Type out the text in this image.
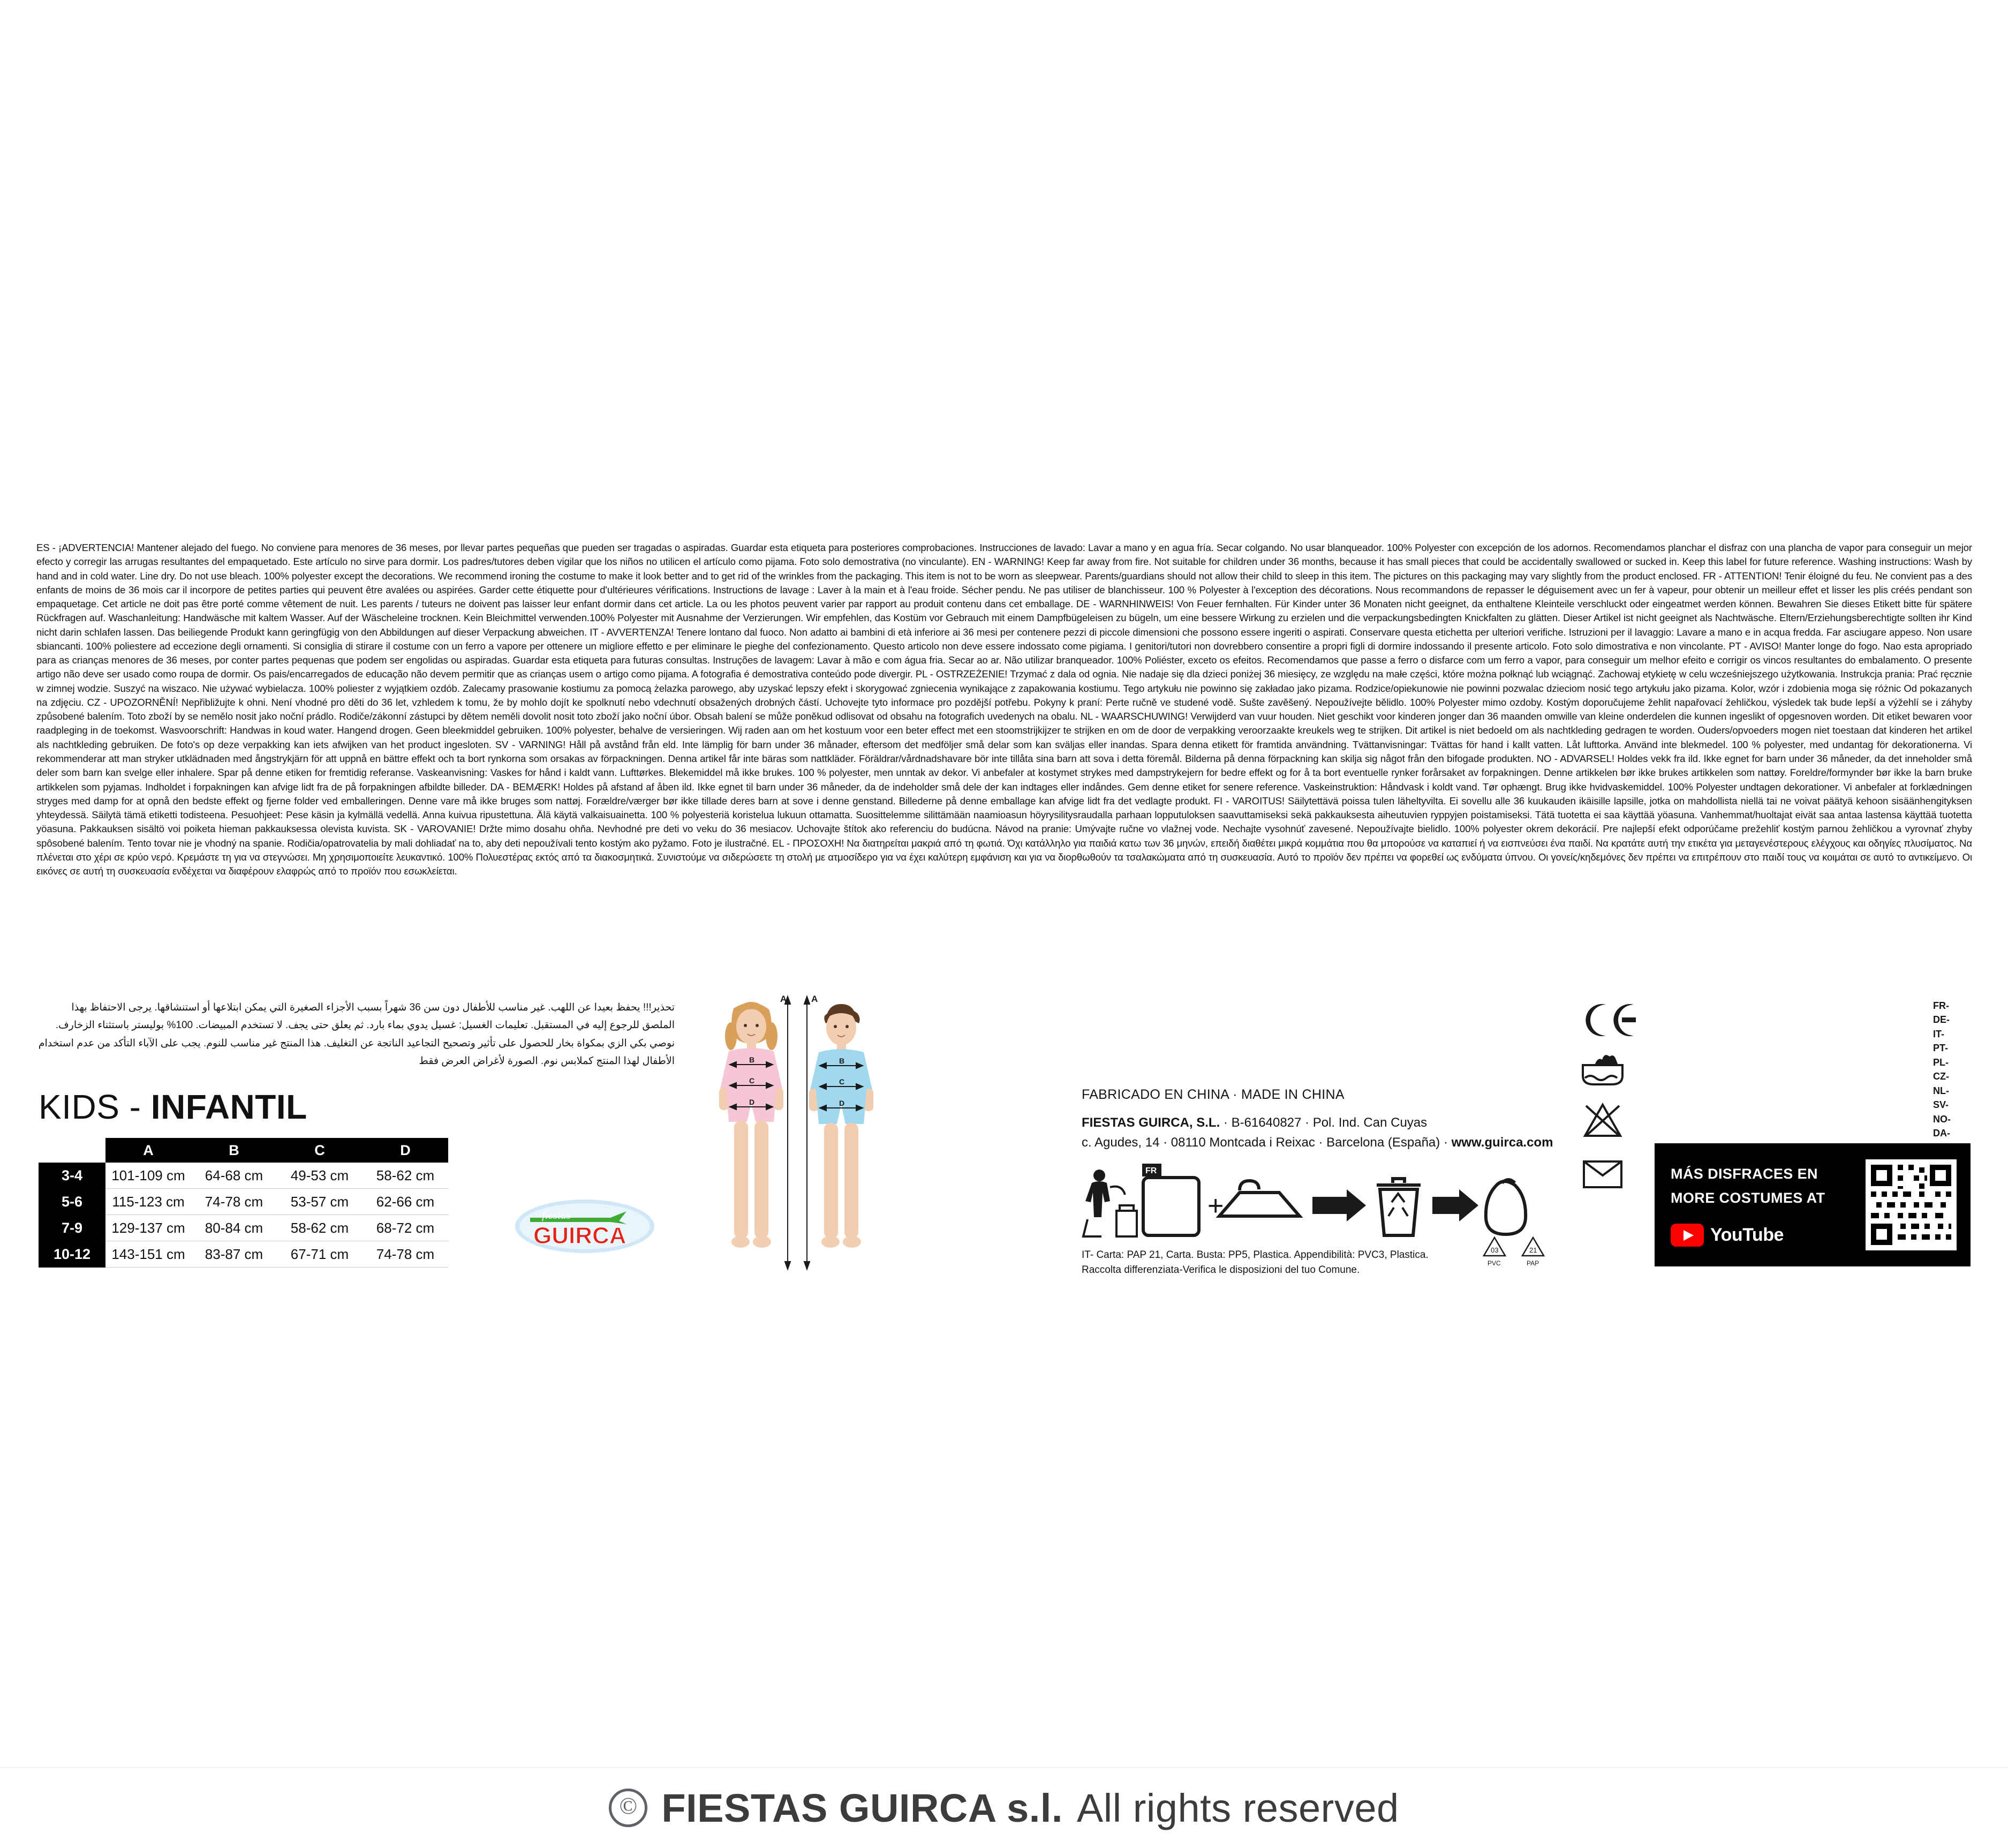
ES - ¡ADVERTENCIA! Mantener alejado del fuego. No conviene para menores de 36 meses, por llevar partes pequeñas que pueden ser tragadas o aspiradas. Guardar esta etiqueta para posteriores comprobaciones. Instrucciones de lavado: Lavar a mano y en agua fría. Secar colgando. No usar blanqueador. 100% Polyester con excepción de los adornos. Recomendamos planchar el disfraz con una plancha de vapor para conseguir un mejor efecto y corregir las arrugas resultantes del empaquetado. Este artículo no sirve para dormir. Los padres/tutores deben vigilar que los niños no utilicen el artículo como pijama. Foto solo demostrativa (no vinculante). EN - WARNING! Keep far away from fire. Not suitable for children under 36 months, because it has small pieces that could be accidentally swallowed or sucked in. Keep this label for future reference. Washing instructions: Wash by hand and in cold water. Line dry. Do not use bleach. 100% polyester except the decorations. We recommend ironing the costume to make it look better and to get rid of the wrinkles from the packaging. This item is not to be worn as sleepwear. Parents/guardians should not allow their child to sleep in this item. The pictures on this packaging may vary slightly from the product enclosed. FR - ATTENTION! Tenir éloigné du feu. Ne convient pas a des enfants de moins de 36 mois car il incorpore de petites parties qui peuvent être avalées ou aspirées. Garder cette étiquette pour d'ultérieures vérifications. Instructions de lavage : Laver à la main et à l'eau froide. Sécher pendu. Ne pas utiliser de blanchisseur. 100 % Polyester à l'exception des décorations. Nous recommandons de repasser le déguisement avec un fer à vapeur, pour obtenir un meilleur effet et lisser les plis créés pendant son empaquetage. Cet article ne doit pas être porté comme vêtement de nuit. Les parents / tuteurs ne doivent pas laisser leur enfant dormir dans cet article. La ou les photos peuvent varier par rapport au produit contenu dans cet emballage. DE - WARNHINWEIS! Von Feuer fernhalten. Für Kinder unter 36 Monaten nicht geeignet, da enthaltene Kleinteile verschluckt oder eingeatmet werden können. Bewahren Sie dieses Etikett bitte für spätere Rückfragen auf. Waschanleitung: Handwäsche mit kaltem Wasser. Auf der Wäscheleine trocknen. Kein Bleichmittel verwenden.100% Polyester mit Ausnahme der Verzierungen. Wir empfehlen, das Kostüm vor Gebrauch mit einem Dampfbügeleisen zu bügeln, um eine bessere Wirkung zu erzielen und die verpackungsbedingten Knickfalten zu glätten. Dieser Artikel ist nicht geeignet als Nachtwäsche. Eltern/Erziehungsberechtigte sollten ihr Kind nicht darin schlafen lassen. Das beiliegende Produkt kann geringfügig von den Abbildungen auf dieser Verpackung abweichen. IT - AVVERTENZA! Tenere lontano dal fuoco. Non adatto ai bambini di età inferiore ai 36 mesi per contenere pezzi di piccole dimensioni che possono essere ingeriti o aspirati. Conservare questa etichetta per ulteriori verifiche. Istruzioni per il lavaggio: Lavare a mano e in acqua fredda. Far asciugare appeso. Non usare sbiancanti. 100% poliestere ad eccezione degli ornamenti. Si consiglia di stirare il costume con un ferro a vapore per ottenere un migliore effetto e per eliminare le pieghe del confezionamento. Questo articolo non deve essere indossato come pigiama. I genitori/tutori non dovrebbero consentire a propri figli di dormire indossando il presente articolo. Foto solo dimostrativa e non vincolante. PT - AVISO! Manter longe do fogo. Nao esta apropriado para as crianças menores de 36 meses, por conter partes pequenas que podem ser engolidas ou aspiradas. Guardar esta etiqueta para futuras consultas. Instruções de lavagem: Lavar à mão e com água fria. Secar ao ar. Não utilizar branqueador. 100% Poliéster, exceto os efeitos. Recomendamos que passe a ferro o disfarce com um ferro a vapor, para conseguir um melhor efeito e corrigir os vincos resultantes do embalamento. O presente artigo não deve ser usado como roupa de dormir. Os pais/encarregados de educação não devem permitir que as crianças usem o artigo como pijama. A fotografia é demostrativa conteúdo pode divergir. PL - OSTRZEŻENIE! Trzymać z dala od ognia. Nie nadaje się dla dzieci poniżej 36 miesięcy, ze względu na małe części, które można połknąć lub wciągnąć. Zachowaj etykietę w celu wcześniejszego użytkowania. Instrukcja prania: Prać ręcznie w zimnej wodzie. Suszyć na wiszaco. Nie używać wybielacza. 100% poliester z wyjątkiem ozdób. Zalecamy prasowanie kostiumu za pomocą żelazka parowego, aby uzyskać lepszy efekt i skorygować zgniecenia wynikające z zapakowania kostiumu. Tego artykułu nie powinno się zakładao jako pizama. Rodzice/opiekunowie nie powinni pozwalac dzieciom nosić tego artykułu jako pizama. Kolor, wzór i zdobienia moga się różnic Od pokazanych na zdjęciu. CZ - UPOZORNĚNÍ! Nepřibližujte k ohni. Není vhodné pro děti do 36 let, vzhledem k tomu, že by mohlo dojít ke spolknutí nebo vdechnutí obsažených drobných částí. Uchovejte tyto informace pro pozdější potřebu. Pokyny k praní: Perte ručně ve studené vodě. Sušte zavěšený. Nepoužívejte bělidlo. 100% Polyester mimo ozdoby. Kostým doporučujeme žehlit napařovací žehličkou, výsledek tak bude lepší a výžehlí se i záhyby způsobené balením. Toto zboží by se nemělo nosit jako noční prádlo. Rodiče/zákonní zástupci by dětem neměli dovolit nosit toto zboží jako noční úbor. Obsah balení se může poněkud odlisovat od obsahu na fotografich uvedenych na obalu. NL - WAARSCHUWING! Verwijderd van vuur houden. Niet geschikt voor kinderen jonger dan 36 maanden omwille van kleine onderdelen die kunnen ingeslikt of opgesnoven worden. Dit etiket bewaren voor raadpleging in de toekomst. Wasvoorschrift: Handwas in koud water. Hangend drogen. Geen bleekmiddel gebruiken. 100% polyester, behalve de versieringen. Wij raden aan om het kostuum voor een beter effect met een stoomstrijkijzer te strijken en om de door de verpakking veroorzaakte kreukels weg te strijken. Dit artikel is niet bedoeld om als nachtkleding gedragen te worden. Ouders/opvoeders mogen niet toestaan dat kinderen het artikel als nachtkleding gebruiken. De foto's op deze verpakking kan iets afwijken van het product ingesloten. SV - VARNING! Håll på avstånd från eld. Inte lämplig för barn under 36 månader, eftersom det medföljer små delar som kan sväljas eller inandas. Spara denna etikett för framtida användning. Tvättanvisningar: Tvättas för hand i kallt vatten. Låt lufttorka. Använd inte blekmedel. 100 % polyester, med undantag för dekorationerna. Vi rekommenderar att man stryker utklädnaden med ångstrykjärn för att uppnå en bättre effekt och ta bort rynkorna som orsakas av förpackningen. Denna artikel får inte bäras som nattkläder. Föräldrar/vårdnadshavare bör inte tillåta sina barn att sova i detta föremål. Bilderna på denna förpackning kan skilja sig något från den bifogade produkten. NO - ADVARSEL! Holdes vekk fra ild. Ikke egnet for barn under 36 måneder, da det inneholder små deler som barn kan svelge eller inhalere. Spar på denne etiken for fremtidig referanse. Vaskeanvisning: Vaskes for hånd i kaldt vann. Lufttørkes. Blekemiddel må ikke brukes. 100 % polyester, men unntak av dekor. Vi anbefaler at kostymet strykes med dampstrykejern for bedre effekt og for å ta bort eventuelle rynker forårsaket av forpakningen. Denne artikkelen bør ikke brukes artikkelen som nattøy. Foreldre/formynder bør ikke la barn bruke artikkelen som pyjamas. Indholdet i forpakningen kan afvige lidt fra de på forpakningen afbildte billeder. DA - BEMÆRK! Holdes på afstand af åben ild. Ikke egnet til barn under 36 måneder, da de indeholder små dele der kan indtages eller indåndes. Gem denne etiket for senere reference. Vaskeinstruktion: Håndvask i koldt vand. Tør ophængt. Brug ikke hvidvaskemiddel. 100% Polyester undtagen dekorationer. Vi anbefaler at forklædningen stryges med damp for at opnå den bedste effekt og fjerne folder ved emballeringen. Denne vare må ikke bruges som nattøj. Forældre/værger bør ikke tillade deres barn at sove i denne genstand. Billederne på denne emballage kan afvige lidt fra det vedlagte produkt. FI - VAROITUS! Säilytettävä poissa tulen läheltyvilta. Ei sovellu alle 36 kuukauden ikäisille lapsille, jotka on mahdollista niellä tai ne voivat päätyä kehoon sisäänhengityksen yhteydessä. Säilytä tämä etiketti todisteena. Pesuohjeet: Pese käsin ja kylmällä vedellä. Anna kuivua ripustettuna. Älä käytä valkaisuainetta. 100 % polyesteriä koristelua lukuun ottamatta. Suosittelemme silittämään naamioasun höyrysilitysraudalla parhaan lopputuloksen saavuttamiseksi sekä pakkauksesta aiheutuvien ryppyjen poistamiseksi. Tätä tuotetta ei saa käyttää yöasuna. Vanhemmat/huoltajat eivät saa antaa lastensa käyttää tuotetta yöasuna. Pakkauksen sisältö voi poiketa hieman pakkauksessa olevista kuvista. SK - VAROVANIE! Držte mimo dosahu ohňa. Nevhodné pre deti vo veku do 36 mesiacov. Uchovajte štítok ako referenciu do budúcna. Návod na pranie: Umývajte ručne vo vlažnej vode. Nechajte vysohnúť zavesené. Nepoužívajte bielidlo. 100% polyester okrem dekorácií. Pre najlepší efekt odporúčame prežehliť kostým parnou žehličkou a vyrovnať zhyby spôsobené balením. Tento tovar nie je vhodný na spanie. Rodičia/opatrovatelia by mali dohliadať na to, aby deti nepoužívali tento kostým ako pyžamo. Foto je ilustračné. EL - ΠΡΟΣΟΧΗ! Να διατηρείται μακριά από τη φωτιά. Όχι κατάλληλο για παιδιά κατω των 36 μηνών, επειδή διαθέτει μικρά κομμάτια που θα μπορούσε να καταπιεί ή να εισπνεύσει ένα παιδί. Να κρατάτε αυτή την ετικέτα για μεταγενέστερους ελέγχους και οδηγίες πλυσίματος. Να πλένεται στο χέρι σε κρύο νερό. Κρεμάστε τη για να στεγνώσει. Μη χρησιμοποιείτε λευκαντικό. 100% Πολυεστέρας εκτός από τα διακοσμητικά. Συνιστούμε να σιδερώσετε τη στολή με ατμοσίδερο για να έχει καλύτερη εμφάνιση και για να διορθωθούν τα τσαλακώματα από τη συσκευασία. Αυτό το προϊόν δεν πρέπει να φορεθεί ως ενδύματα ύπνου. Οι γονείς/κηδεμόνες δεν πρέπει να επιτρέπουν στο παιδί τους να κοιμάται σε αυτό το αντικείμενο. Οι εικόνες σε αυτή τη συσκευασία ενδέχεται να διαφέρουν ελαφρώς από το προϊόν που εσωκλείεται.
تحذير!!! يحفظ بعيدا عن اللهب. غير مناسب للأطفال دون سن 36 شهراً بسبب الأجزاء الصغيرة التي يمكن ابتلاعها أو استنشاقها. يرجى الاحتفاظ بهذا الملصق للرجوع إليه في المستقبل. تعليمات الغسيل: غسيل يدوي بماء بارد. ثم يعلق حتى يجف. لا تستخدم المبيضات. 100% بوليستر باستثناء الزخارف. نوصي بكي الزي بمكواة بخار للحصول على تأثير وتصحيح التجاعيد الناتجة عن التغليف. هذا المنتج غير مناسب للنوم. يجب على الآباء التأكد من عدم استخدام الأطفال لهذا المنتج كملابس نوم. الصورة لأغراض العرض فقط
KIDS - INFANTIL
	A	B	C	D
3-4	101-109 cm	64-68 cm	49-53 cm	58-62 cm
5-6	115-123 cm	74-78 cm	53-57 cm	62-66 cm
7-9	129-137 cm	80-84 cm	58-62 cm	68-72 cm
10-12	143-151 cm	83-87 cm	67-71 cm	74-78 cm
fiestas
GUIRCA
A	A
B
C
D
B
C
D
FABRICADO EN CHINA · MADE IN CHINA
FIESTAS GUIRCA, S.L. · B-61640827 · Pol. Ind. Can Cuyas
c. Agudes, 14 · 08110 Montcada i Reixac · Barcelona (España) · www.guirca.com
FR
+
IT- Carta: PAP 21, Carta. Busta: PP5, Plastica. Appendibilità: PVC3, Plastica.
Raccolta differenziata-Verifica le disposizioni del tuo Comune.
03	21
PVC	PAP
FR-
DE-
IT-
PT-
PL-
CZ-
NL-
SV-
NO-
DA-
MÁS DISFRACES EN
MORE COSTUMES AT
YouTube
© FIESTAS GUIRCA s.l. All rights reserved
